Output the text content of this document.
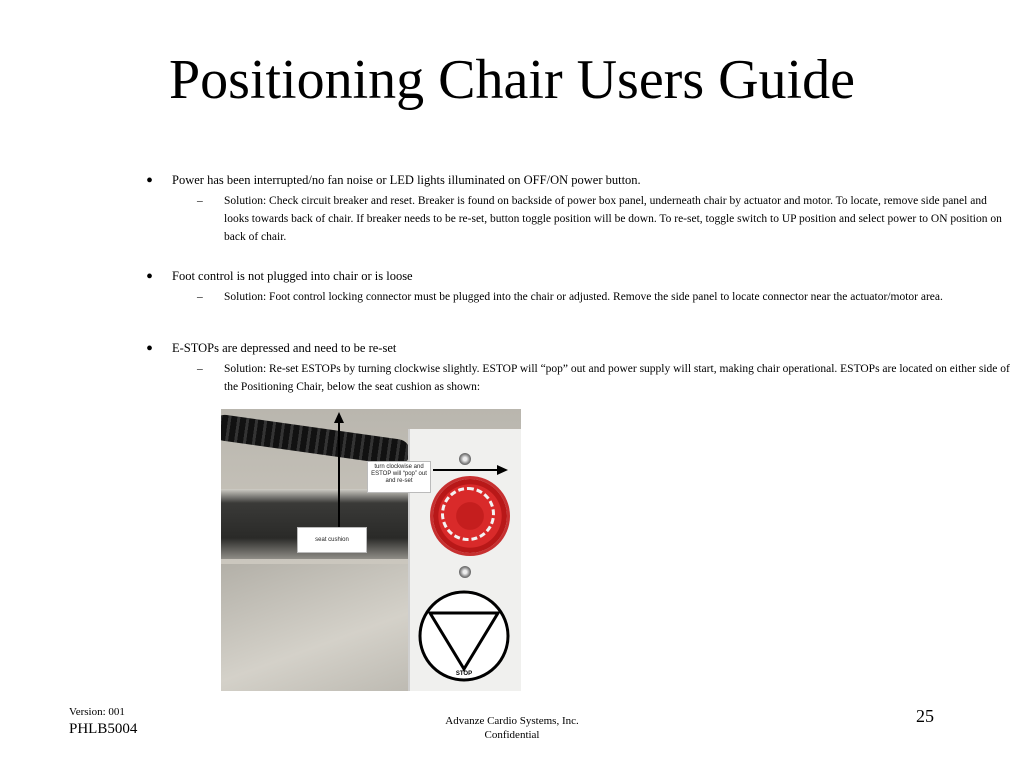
Positioning Chair Users Guide
• Power has been interrupted/no fan noise or LED lights illuminated on OFF/ON power button.
– Solution: Check circuit breaker and reset. Breaker is found on backside of power box panel, underneath chair by actuator and motor. To locate, remove side panel and looks towards back of chair. If breaker needs to be re-set, button toggle position will be down. To re-set, toggle switch to UP position and select power to ON position on back of chair.
• Foot control is not plugged into chair or is loose
– Solution: Foot control locking connector must be plugged into the chair or adjusted. Remove the side panel to locate connector near the actuator/motor area.
• E-STOPs are depressed and need to be re-set
– Solution: Re-set ESTOPs by turning clockwise slightly. ESTOP will “pop” out and power supply will start, making chair operational. ESTOPs are located on either side of the Positioning Chair, below the seat cushion as shown:
STOP
turn clockwise and ESTOP will “pop” out and re-set
seat cushion
Version: 001
PHLB5004	Advanze Cardio Systems, Inc.
Confidential
25
